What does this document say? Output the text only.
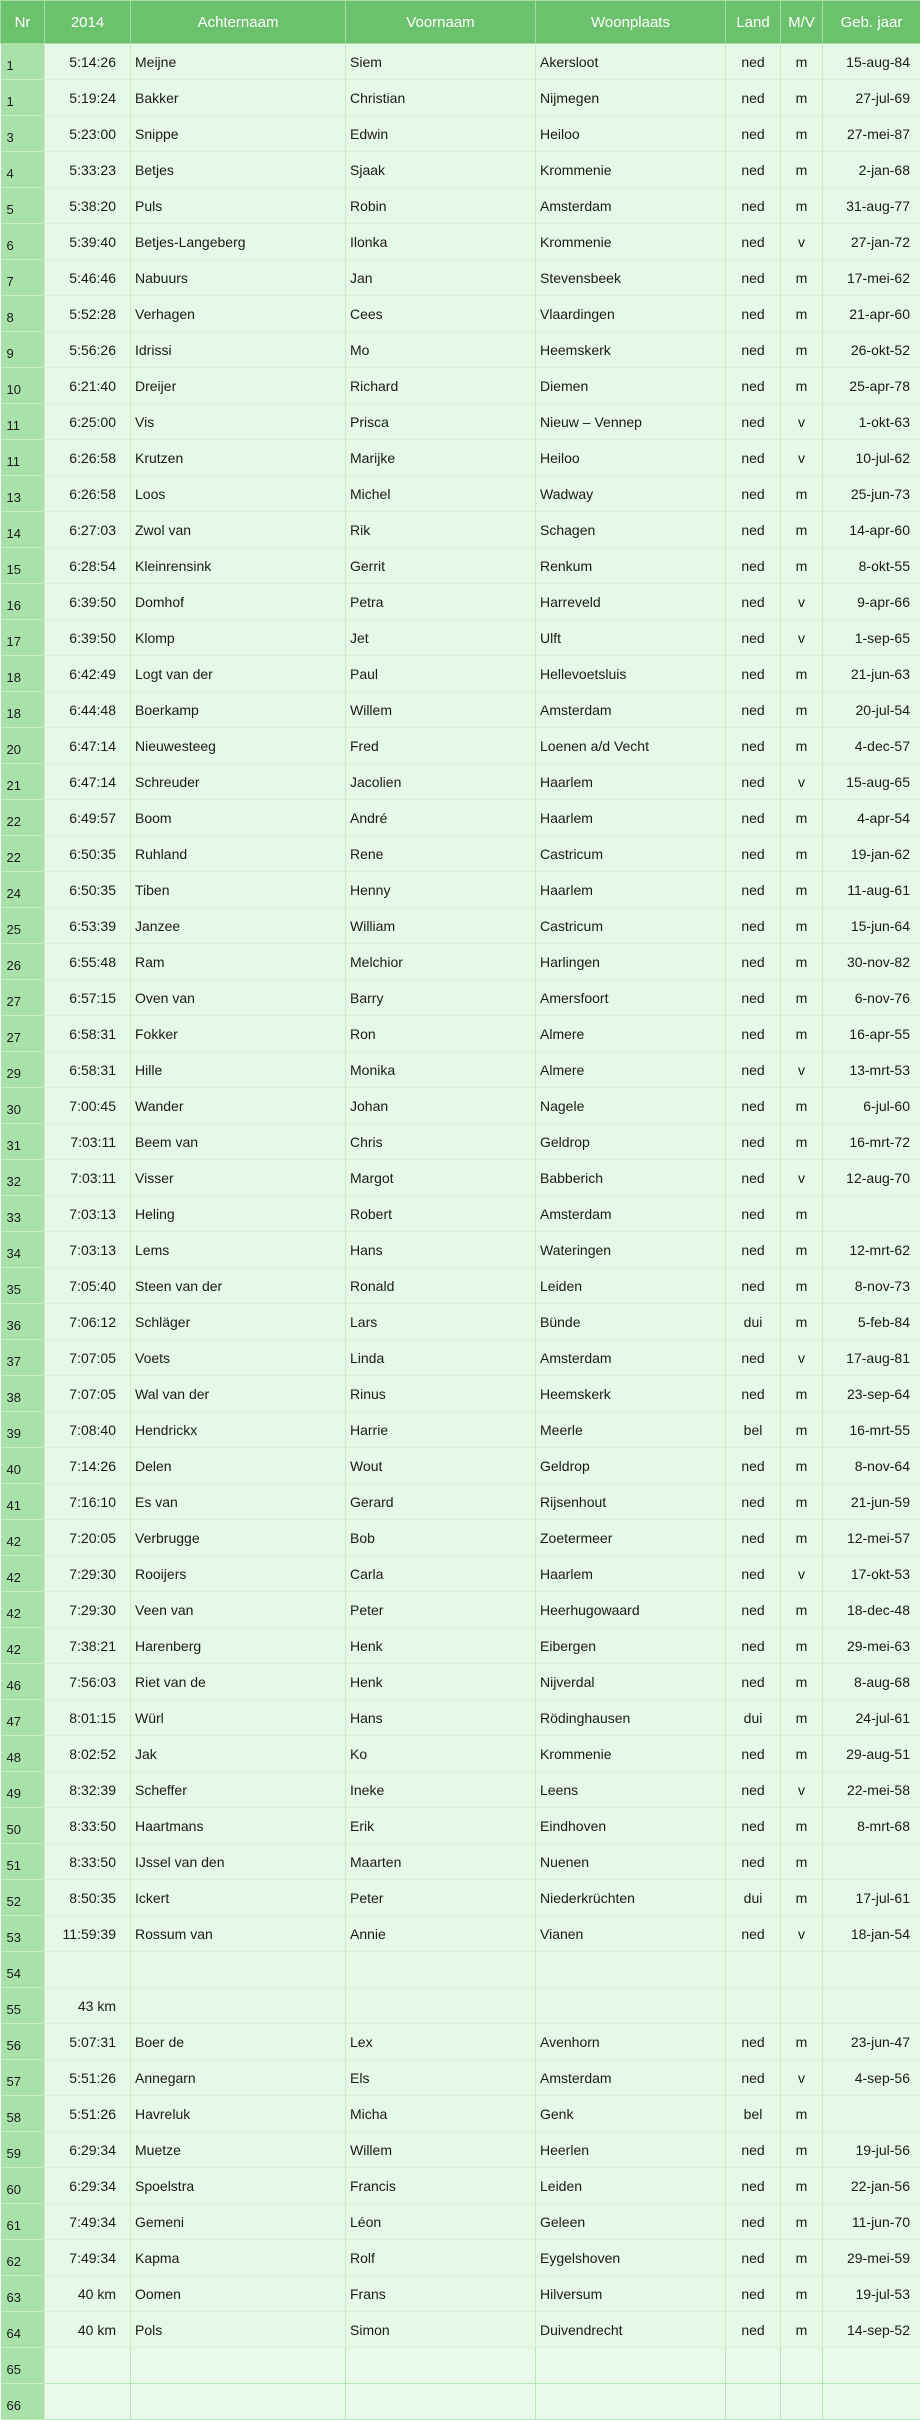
Nr	2014	Achternaam	Voornaam	Woonplaats	Land	M/V	Geb. jaar
1	5:14:26	Meijne	Siem	Akersloot	ned	m	15-aug-84
1	5:19:24	Bakker	Christian	Nijmegen	ned	m	27-jul-69
3	5:23:00	Snippe	Edwin	Heiloo	ned	m	27-mei-87
4	5:33:23	Betjes	Sjaak	Krommenie	ned	m	2-jan-68
5	5:38:20	Puls	Robin	Amsterdam	ned	m	31-aug-77
6	5:39:40	Betjes-Langeberg	Ilonka	Krommenie	ned	v	27-jan-72
7	5:46:46	Nabuurs	Jan	Stevensbeek	ned	m	17-mei-62
8	5:52:28	Verhagen	Cees	Vlaardingen	ned	m	21-apr-60
9	5:56:26	Idrissi	Mo	Heemskerk	ned	m	26-okt-52
10	6:21:40	Dreijer	Richard	Diemen	ned	m	25-apr-78
11	6:25:00	Vis	Prisca	Nieuw – Vennep	ned	v	1-okt-63
11	6:26:58	Krutzen	Marijke	Heiloo	ned	v	10-jul-62
13	6:26:58	Loos	Michel	Wadway	ned	m	25-jun-73
14	6:27:03	Zwol van	Rik	Schagen	ned	m	14-apr-60
15	6:28:54	Kleinrensink	Gerrit	Renkum	ned	m	8-okt-55
16	6:39:50	Domhof	Petra	Harreveld	ned	v	9-apr-66
17	6:39:50	Klomp	Jet	Ulft	ned	v	1-sep-65
18	6:42:49	Logt van der	Paul	Hellevoetsluis	ned	m	21-jun-63
18	6:44:48	Boerkamp	Willem	Amsterdam	ned	m	20-jul-54
20	6:47:14	Nieuwesteeg	Fred	Loenen a/d Vecht	ned	m	4-dec-57
21	6:47:14	Schreuder	Jacolien	Haarlem	ned	v	15-aug-65
22	6:49:57	Boom	André	Haarlem	ned	m	4-apr-54
22	6:50:35	Ruhland	Rene	Castricum	ned	m	19-jan-62
24	6:50:35	Tiben	Henny	Haarlem	ned	m	11-aug-61
25	6:53:39	Janzee	William	Castricum	ned	m	15-jun-64
26	6:55:48	Ram	Melchior	Harlingen	ned	m	30-nov-82
27	6:57:15	Oven van	Barry	Amersfoort	ned	m	6-nov-76
27	6:58:31	Fokker	Ron	Almere	ned	m	16-apr-55
29	6:58:31	Hille	Monika	Almere	ned	v	13-mrt-53
30	7:00:45	Wander	Johan	Nagele	ned	m	6-jul-60
31	7:03:11	Beem van	Chris	Geldrop	ned	m	16-mrt-72
32	7:03:11	Visser	Margot	Babberich	ned	v	12-aug-70
33	7:03:13	Heling	Robert	Amsterdam	ned	m	
34	7:03:13	Lems	Hans	Wateringen	ned	m	12-mrt-62
35	7:05:40	Steen van der	Ronald	Leiden	ned	m	8-nov-73
36	7:06:12	Schläger	Lars	Bünde	dui	m	5-feb-84
37	7:07:05	Voets	Linda	Amsterdam	ned	v	17-aug-81
38	7:07:05	Wal van der	Rinus	Heemskerk	ned	m	23-sep-64
39	7:08:40	Hendrickx	Harrie	Meerle	bel	m	16-mrt-55
40	7:14:26	Delen	Wout	Geldrop	ned	m	8-nov-64
41	7:16:10	Es van	Gerard	Rijsenhout	ned	m	21-jun-59
42	7:20:05	Verbrugge	Bob	Zoetermeer	ned	m	12-mei-57
42	7:29:30	Rooijers	Carla	Haarlem	ned	v	17-okt-53
42	7:29:30	Veen van	Peter	Heerhugowaard	ned	m	18-dec-48
42	7:38:21	Harenberg	Henk	Eibergen	ned	m	29-mei-63
46	7:56:03	Riet van de	Henk	Nijverdal	ned	m	8-aug-68
47	8:01:15	Würl	Hans	Rödinghausen	dui	m	24-jul-61
48	8:02:52	Jak	Ko	Krommenie	ned	m	29-aug-51
49	8:32:39	Scheffer	Ineke	Leens	ned	v	22-mei-58
50	8:33:50	Haartmans	Erik	Eindhoven	ned	m	8-mrt-68
51	8:33:50	IJssel van den	Maarten	Nuenen	ned	m	
52	8:50:35	Ickert	Peter	Niederkrüchten	dui	m	17-jul-61
53	11:59:39	Rossum van	Annie	Vianen	ned	v	18-jan-54
54							
55	43 km						
56	5:07:31	Boer de	Lex	Avenhorn	ned	m	23-jun-47
57	5:51:26	Annegarn	Els	Amsterdam	ned	v	4-sep-56
58	5:51:26	Havreluk	Micha	Genk	bel	m	
59	6:29:34	Muetze	Willem	Heerlen	ned	m	19-jul-56
60	6:29:34	Spoelstra	Francis	Leiden	ned	m	22-jan-56
61	7:49:34	Gemeni	Léon	Geleen	ned	m	11-jun-70
62	7:49:34	Kapma	Rolf	Eygelshoven	ned	m	29-mei-59
63	40 km	Oomen	Frans	Hilversum	ned	m	19-jul-53
64	40 km	Pols	Simon	Duivendrecht	ned	m	14-sep-52
65							
66							
